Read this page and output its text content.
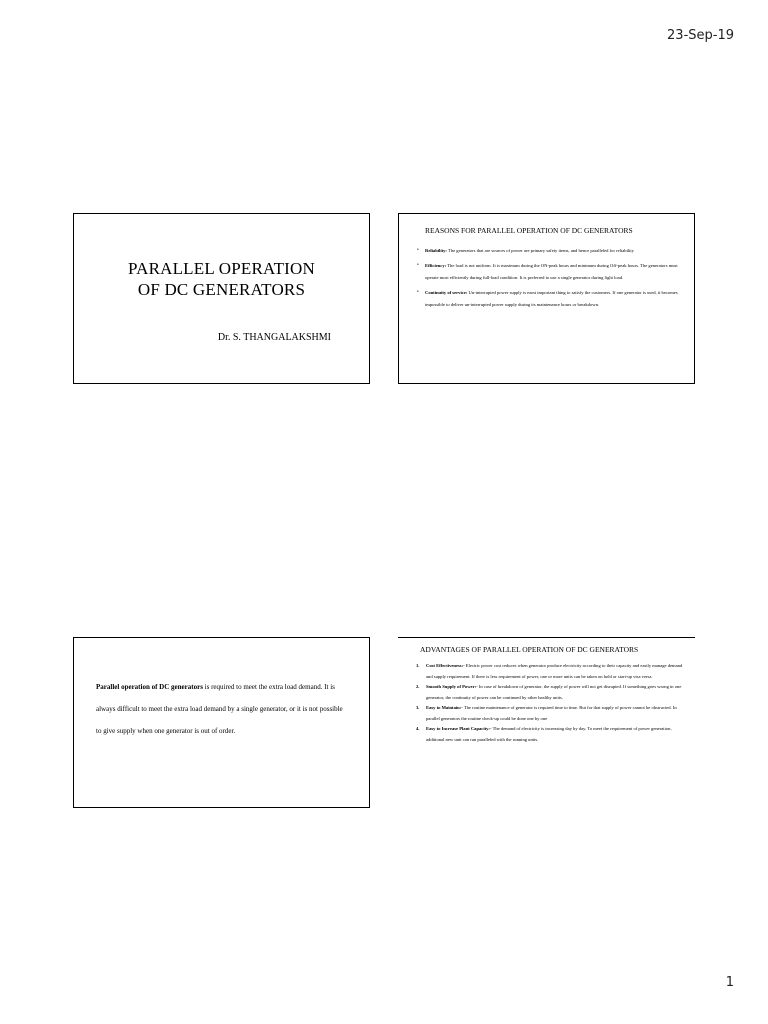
23-Sep-19
PARALLEL OPERATION
OF DC GENERATORS
Dr. S. THANGALAKSHMI
REASONS FOR PARALLEL OPERATION OF DC GENERATORS
• Reliability: The generators that are sources of power are primary safety items, and hence paralleled for reliability
• Efficiency: The load is not uniform. It is maximum during the ON-peak hours and minimum during Off-peak hours. The generators must operate most efficiently during full-load condition. It is preferred to use a single generator during light load.
• Continuity of service: Un-interrupted power supply is most important thing to satisfy the customers. If one generator is used, it becomes impossible to deliver un-interrupted power supply during its maintenance hours or breakdown.

Parallel operation of DC generators is required to meet the extra load demand. It is always difficult to meet the extra load demand by a single generator, or it is not possible to give supply when one generator is out of order.

ADVANTAGES OF PARALLEL OPERATION OF DC GENERATORS
1. Cost Effectiveness:- Electric power cost reduces when generator produce electricity according to their capacity and easily manage demand and supply requirement. If there is less requirement of power, one or more units can be taken on hold or start-up visa versa.
2. Smooth Supply of Power:- In case of breakdown of generator, the supply of power will not get disrupted. If something goes wrong in one generator, the continuity of power can be continued by other healthy units.
3. Easy to Maintain:- The routine maintenance of generator is required time to time. But for that supply of power cannot be obstructed. In parallel generators the routine check-up could be done one by one
4. Easy to Increase Plant Capacity:- The demand of electricity is increasing day by day. To meet the requirement of power generation, additional new unit can run paralleled with the running units.
1
